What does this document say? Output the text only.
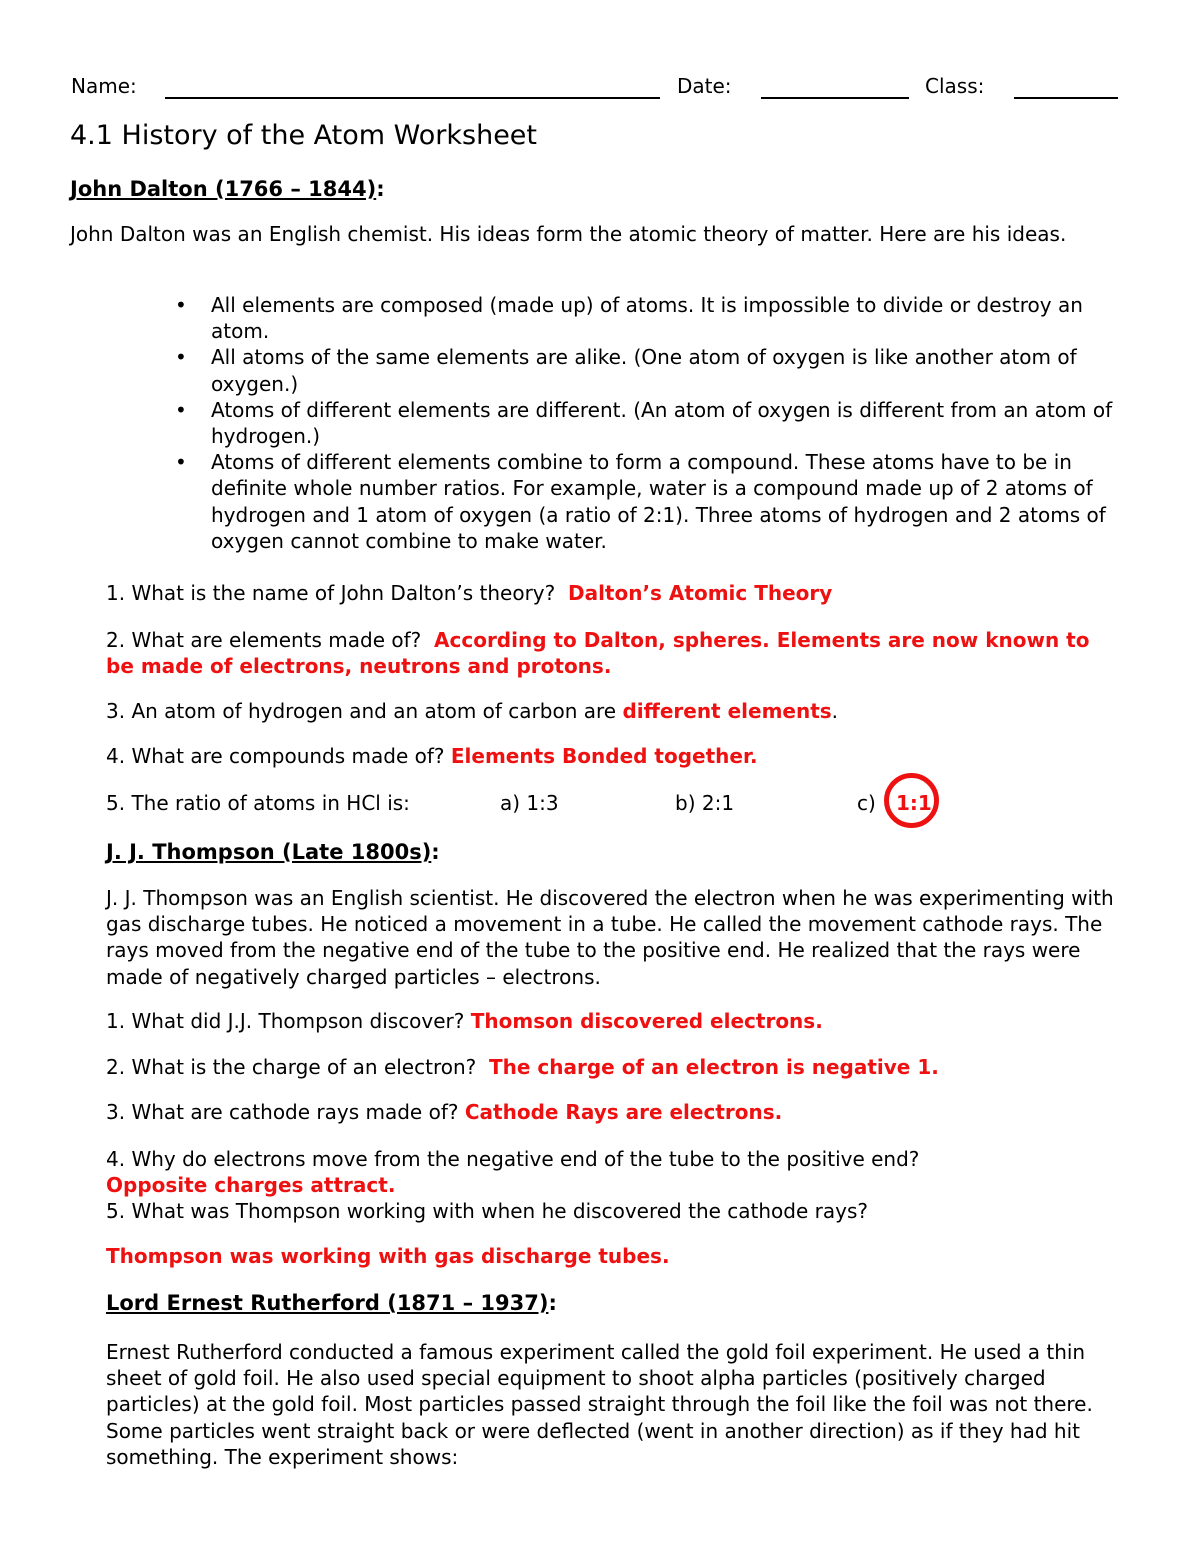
Name:	Date:	Class:
4.1 History of the Atom Worksheet
John Dalton (1766 – 1844):
John Dalton was an English chemist. His ideas form the atomic theory of matter. Here are his ideas.
• All elements are composed (made up) of atoms. It is impossible to divide or destroy an atom.
• All atoms of the same elements are alike. (One atom of oxygen is like another atom of oxygen.)
• Atoms of different elements are different. (An atom of oxygen is different from an atom of hydrogen.)
• Atoms of different elements combine to form a compound. These atoms have to be in definite whole number ratios. For example, water is a compound made up of 2 atoms of hydrogen and 1 atom of oxygen (a ratio of 2:1). Three atoms of hydrogen and 2 atoms of oxygen cannot combine to make water.
1. What is the name of John Dalton’s theory? Dalton’s Atomic Theory
2. What are elements made of? According to Dalton, spheres. Elements are now known to be made of electrons, neutrons and protons.
3. An atom of hydrogen and an atom of carbon are different elements.
4. What are compounds made of? Elements Bonded together.
5. The ratio of atoms in HCl is:	a) 1:3	b) 2:1	c) 1:1
J. J. Thompson (Late 1800s):
J. J. Thompson was an English scientist. He discovered the electron when he was experimenting with gas discharge tubes. He noticed a movement in a tube. He called the movement cathode rays. The rays moved from the negative end of the tube to the positive end. He realized that the rays were made of negatively charged particles – electrons.
1. What did J.J. Thompson discover? Thomson discovered electrons.
2. What is the charge of an electron? The charge of an electron is negative 1.
3. What are cathode rays made of? Cathode Rays are electrons.
4. Why do electrons move from the negative end of the tube to the positive end?
Opposite charges attract.
5. What was Thompson working with when he discovered the cathode rays?
Thompson was working with gas discharge tubes.
Lord Ernest Rutherford (1871 – 1937):
Ernest Rutherford conducted a famous experiment called the gold foil experiment. He used a thin sheet of gold foil. He also used special equipment to shoot alpha particles (positively charged particles) at the gold foil. Most particles passed straight through the foil like the foil was not there. Some particles went straight back or were deflected (went in another direction) as if they had hit something. The experiment shows:
